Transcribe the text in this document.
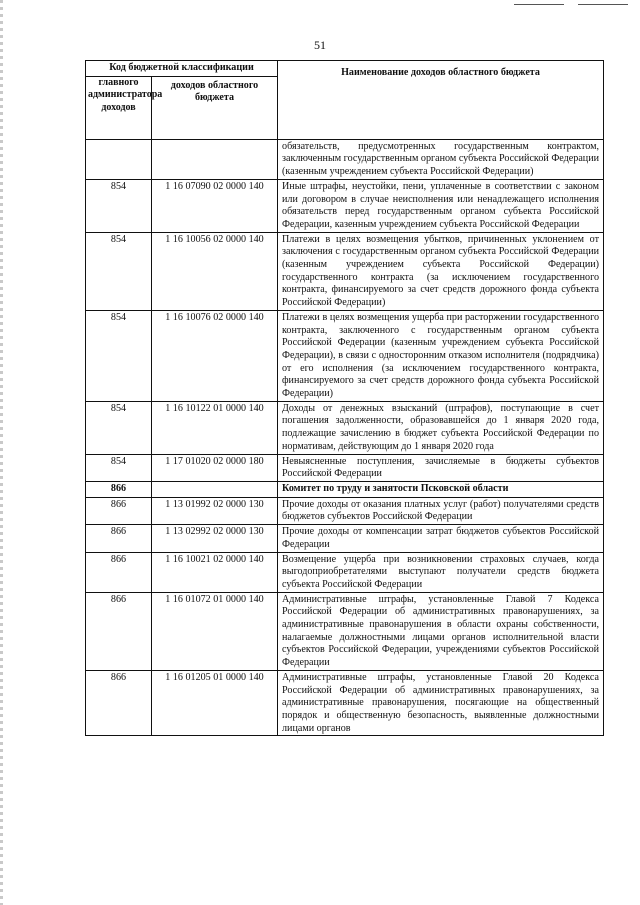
51
Код бюджетной классификации		Наименование доходов областного бюджета
главного администратора доходов	доходов областного бюджета	
		обязательств, предусмотренных государственным контрактом, заключенным государственным органом субъекта Российской Федерации (казенным учреждением субъекта Российской Федерации)
854	1 16 07090 02 0000 140	Иные штрафы, неустойки, пени, уплаченные в соответствии с законом или договором в случае неисполнения или ненадлежащего исполнения обязательств перед государственным органом субъекта Российской Федерации, казенным учреждением субъекта Российской Федерации
854	1 16 10056 02 0000 140	Платежи в целях возмещения убытков, причиненных уклонением от заключения с государственным органом субъекта Российской Федерации (казенным учреждением субъекта Российской Федерации) государственного контракта (за исключением государственного контракта, финансируемого за счет средств дорожного фонда субъекта Российской Федерации)
854	1 16 10076 02 0000 140	Платежи в целях возмещения ущерба при расторжении государственного контракта, заключенного с государственным органом субъекта Российской Федерации (казенным учреждением субъекта Российской Федерации), в связи с односторонним отказом исполнителя (подрядчика) от его исполнения (за исключением государственного контракта, финансируемого за счет средств дорожного фонда субъекта Российской Федерации)
854	1 16 10122 01 0000 140	Доходы от денежных взысканий (штрафов), поступающие в счет погашения задолженности, образовавшейся до 1 января 2020 года, подлежащие зачислению в бюджет субъекта Российской Федерации по нормативам, действующим до 1 января 2020 года
854	1 17 01020 02 0000 180	Невыясненные поступления, зачисляемые в бюджеты субъектов Российской Федерации
866		Комитет по труду и занятости Псковской области
866	1 13 01992 02 0000 130	Прочие доходы от оказания платных услуг (работ) получателями средств бюджетов субъектов Российской Федерации
866	1 13 02992 02 0000 130	Прочие доходы от компенсации затрат бюджетов субъектов Российской Федерации
866	1 16 10021 02 0000 140	Возмещение ущерба при возникновении страховых случаев, когда выгодоприобретателями выступают получатели средств бюджета субъекта Российской Федерации
866	1 16 01072 01 0000 140	Административные штрафы, установленные Главой 7 Кодекса Российской Федерации об административных правонарушениях, за административные правонарушения в области охраны собственности, налагаемые должностными лицами органов исполнительной власти субъектов Российской Федерации, учреждениями субъектов Российской Федерации
866	1 16 01205 01 0000 140	Административные штрафы, установленные Главой 20 Кодекса Российской Федерации об административных правонарушениях, за административные правонарушения, посягающие на общественный порядок и общественную безопасность, выявленные должностными лицами органов
